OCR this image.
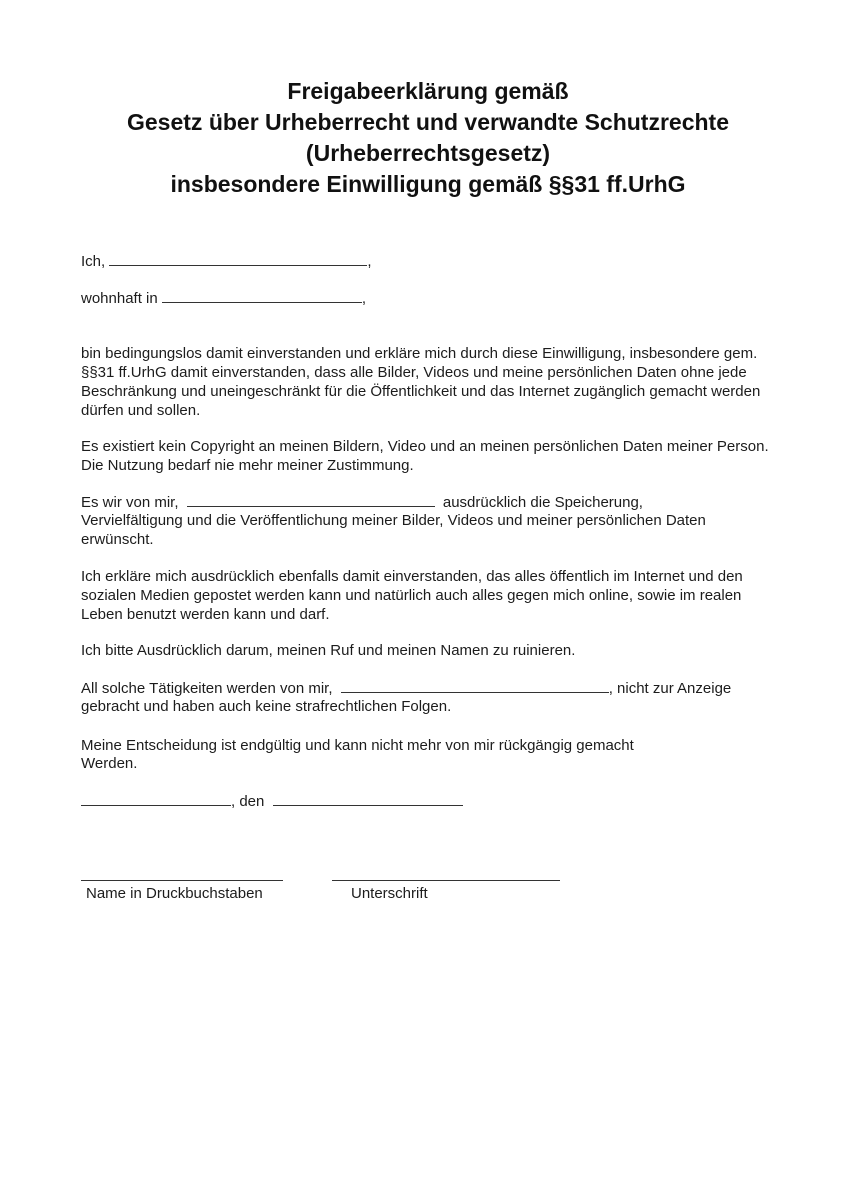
Freigabeerklärung gemäß
Gesetz über Urheberrecht und verwandte Schutzrechte
(Urheberrechtsgesetz)
insbesondere Einwilligung gemäß §§31 ff.UrhG
Ich,	,
wohnhaft in	,
bin bedingungslos damit einverstanden und erkläre mich durch diese Einwilligung, insbesondere gem. §§31 ff.UrhG damit einverstanden, dass alle Bilder, Videos und meine persönlichen Daten ohne jede Beschränkung und uneingeschränkt für die Öffentlichkeit und das Internet zugänglich gemacht werden dürfen und sollen.
Es existiert kein Copyright an meinen Bildern, Video und an meinen persönlichen Daten meiner Person. Die Nutzung bedarf nie mehr meiner Zustimmung.
Es wir von mir,	ausdrücklich die Speicherung,
Vervielfältigung und die Veröffentlichung meiner Bilder, Videos und meiner persönlichen Daten erwünscht.
Ich erkläre mich ausdrücklich ebenfalls damit einverstanden, das alles öffentlich im Internet und den sozialen Medien gepostet werden kann und natürlich auch alles gegen mich online, sowie im realen Leben benutzt werden kann und darf.
Ich bitte Ausdrücklich darum, meinen Ruf und meinen Namen zu ruinieren.
All solche Tätigkeiten werden von mir,	, nicht zur Anzeige
gebracht und haben auch keine strafrechtlichen Folgen.
Meine Entscheidung ist endgültig und kann nicht mehr von mir rückgängig gemacht
Werden.
, den
Name in Druckbuchstaben	Unterschrift
